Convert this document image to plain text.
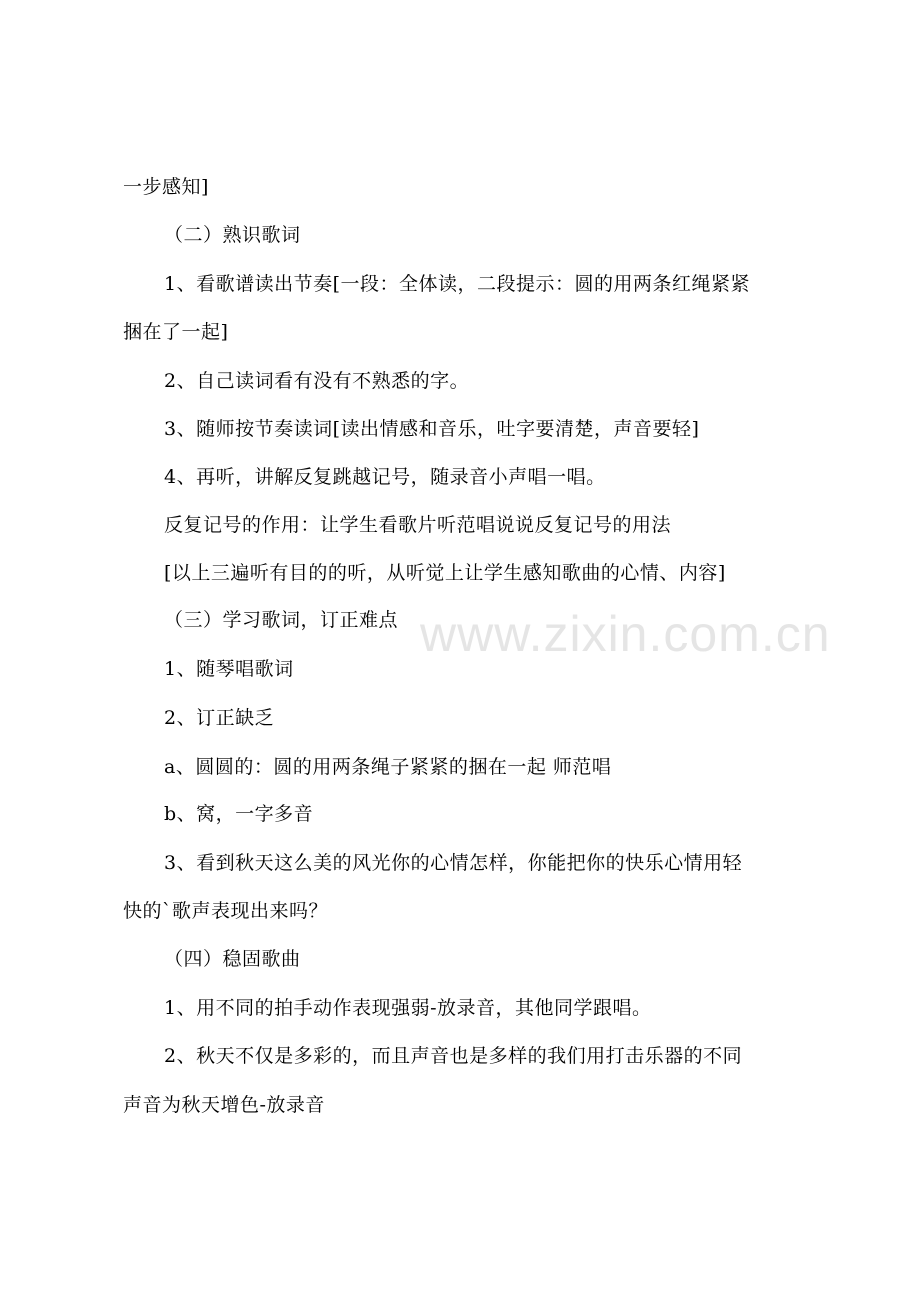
一步感知]
（二）熟识歌词
1、看歌谱读出节奏[一段：全体读，二段提示：圆的用两条红绳紧紧
捆在了一起]
2、自己读词看有没有不熟悉的字。
3、随师按节奏读词[读出情感和音乐，吐字要清楚，声音要轻]
4、再听，讲解反复跳越记号，随录音小声唱一唱。
反复记号的作用：让学生看歌片听范唱说说反复记号的用法
[以上三遍听有目的的听，从听觉上让学生感知歌曲的心情、内容]
（三）学习歌词，订正难点
1、随琴唱歌词
2、订正缺乏
a、圆圆的：圆的用两条绳子紧紧的捆在一起 师范唱
b、窝，一字多音
3、看到秋天这么美的风光你的心情怎样，你能把你的快乐心情用轻
快的`歌声表现出来吗？
（四）稳固歌曲
1、用不同的拍手动作表现强弱-放录音，其他同学跟唱。
2、秋天不仅是多彩的，而且声音也是多样的我们用打击乐器的不同
声音为秋天增色-放录音
www.zixin.com.cn
